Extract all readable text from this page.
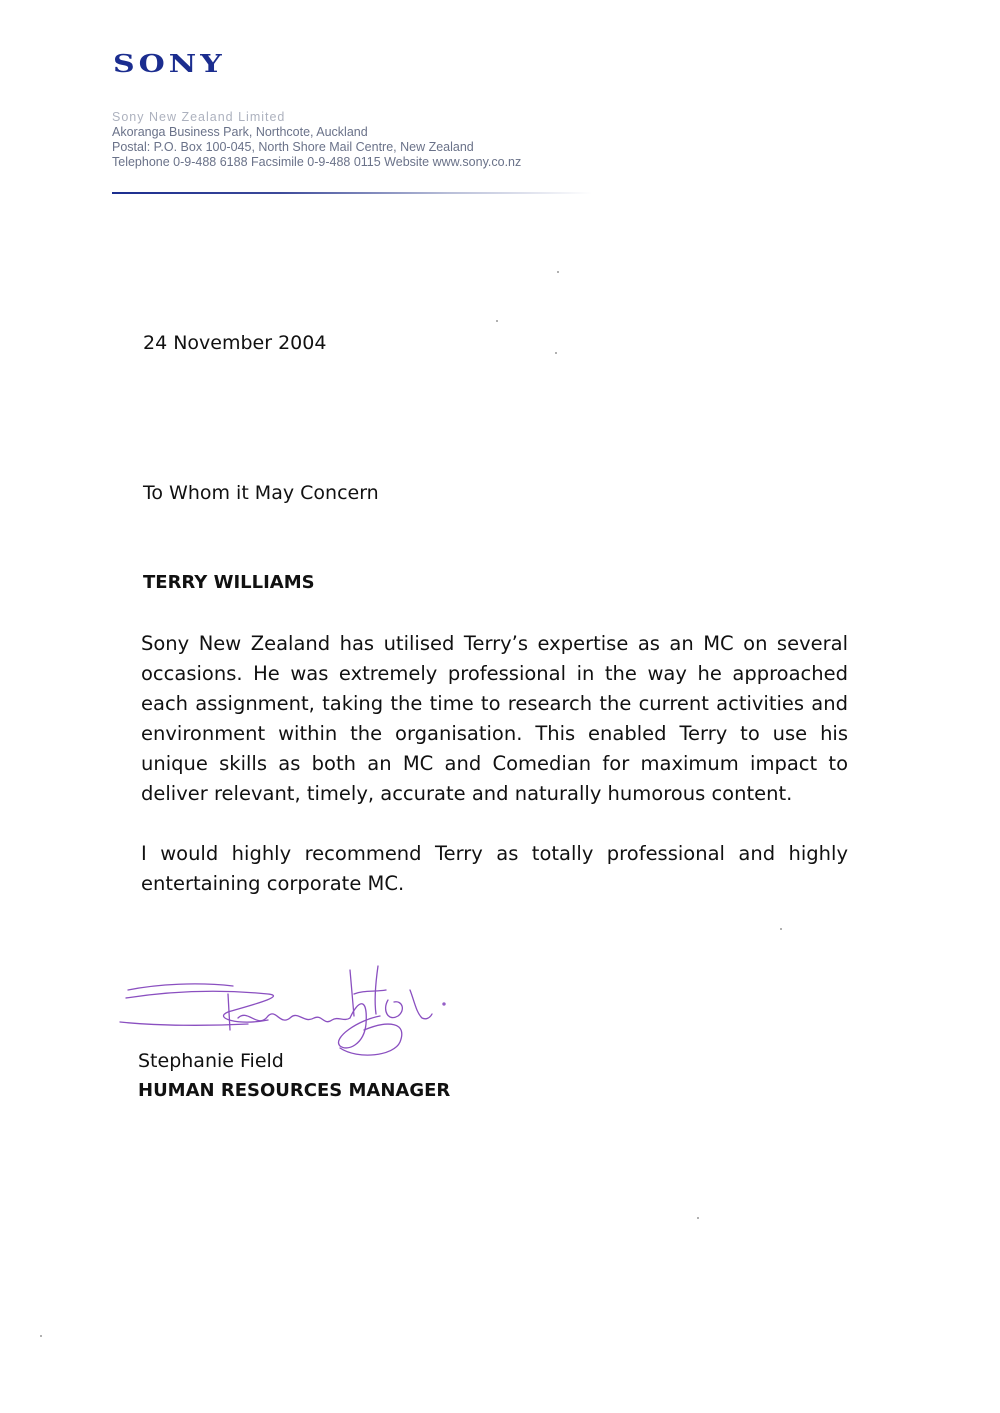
SONY
Sony New Zealand Limited
Akoranga Business Park, Northcote, Auckland
Postal: P.O. Box 100-045, North Shore Mail Centre, New Zealand
Telephone 0-9-488 6188 Facsimile 0-9-488 0115 Website www.sony.co.nz
24 November 2004
To Whom it May Concern
TERRY WILLIAMS
Sony New Zealand has utilised Terry’s expertise as an MC on several occasions. He was extremely professional in the way he approached each assignment, taking the time to research the current activities and environment within the organisation. This enabled Terry to use his unique skills as both an MC and Comedian for maximum impact to deliver relevant, timely, accurate and naturally humorous content.
I would highly recommend Terry as totally professional and highly entertaining corporate MC.
Stephanie Field
HUMAN RESOURCES MANAGER
